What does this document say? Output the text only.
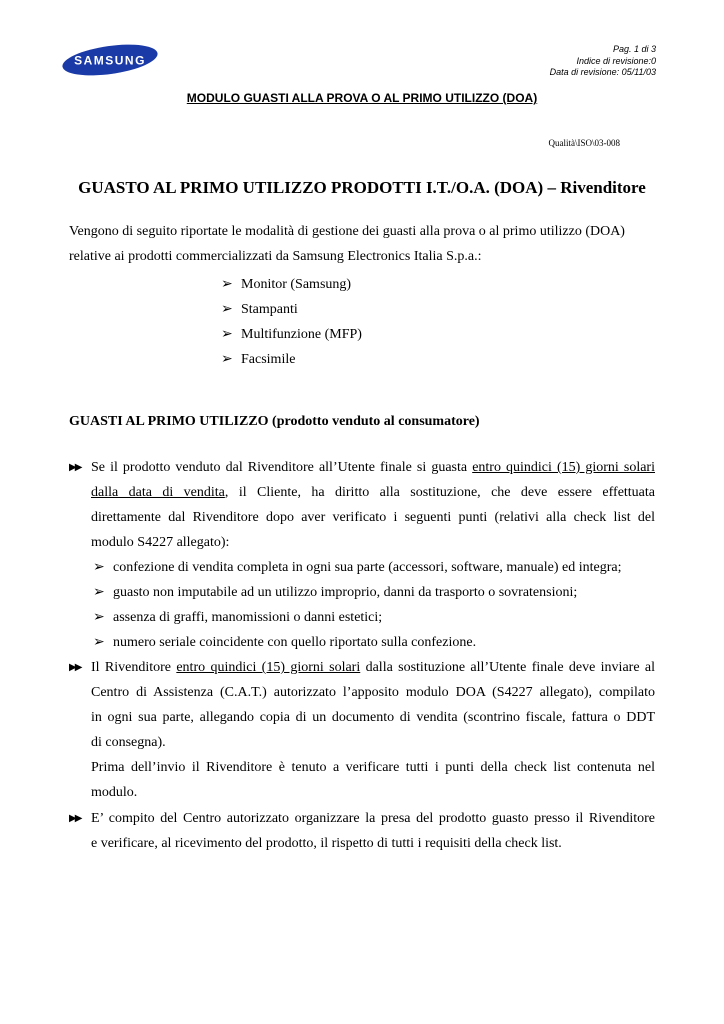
SAMSUNG
Pag. 1 di 3
Indice di revisione:0
Data di revisione: 05/11/03
MODULO GUASTI ALLA PROVA O AL PRIMO UTILIZZO (DOA)
Qualità\ISO\03-008
GUASTO AL PRIMO UTILIZZO PRODOTTI I.T./O.A. (DOA) – Rivenditore

Vengono di seguito riportate le modalità di gestione dei guasti alla prova o al primo utilizzo (DOA)

relative ai prodotti commercializzati da Samsung Electronics Italia S.p.a.:

➢ Monitor (Samsung)
➢ Stampanti
➢ Multifunzione (MFP)
➢ Facsimile
GUASTI AL PRIMO UTILIZZO (prodotto venduto al consumatore)
▶▶ Se il prodotto venduto dal Rivenditore all’Utente finale si guasta entro quindici (15) giorni solari

dalla data di vendita, il Cliente, ha diritto alla sostituzione, che deve essere effettuata

direttamente dal Rivenditore dopo aver verificato i seguenti punti (relativi alla check list del

modulo S4227 allegato):

➢ confezione di vendita completa in ogni sua parte (accessori, software, manuale) ed integra;
➢ guasto non imputabile ad un utilizzo improprio, danni da trasporto o sovratensioni;
➢ assenza di graffi, manomissioni o danni estetici;
➢ numero seriale coincidente con quello riportato sulla confezione.
▶▶ Il Rivenditore entro quindici (15) giorni solari dalla sostituzione all’Utente finale deve inviare al

Centro di Assistenza (C.A.T.) autorizzato l’apposito modulo DOA (S4227 allegato), compilato

in ogni sua parte, allegando copia di un documento di vendita (scontrino fiscale, fattura o DDT

di consegna).

Prima dell’invio il Rivenditore è tenuto a verificare tutti i punti della check list contenuta nel

modulo.

▶▶ E’ compito del Centro autorizzato organizzare la presa del prodotto guasto presso il Rivenditore

e verificare, al ricevimento del prodotto, il rispetto di tutti i requisiti della check list.
